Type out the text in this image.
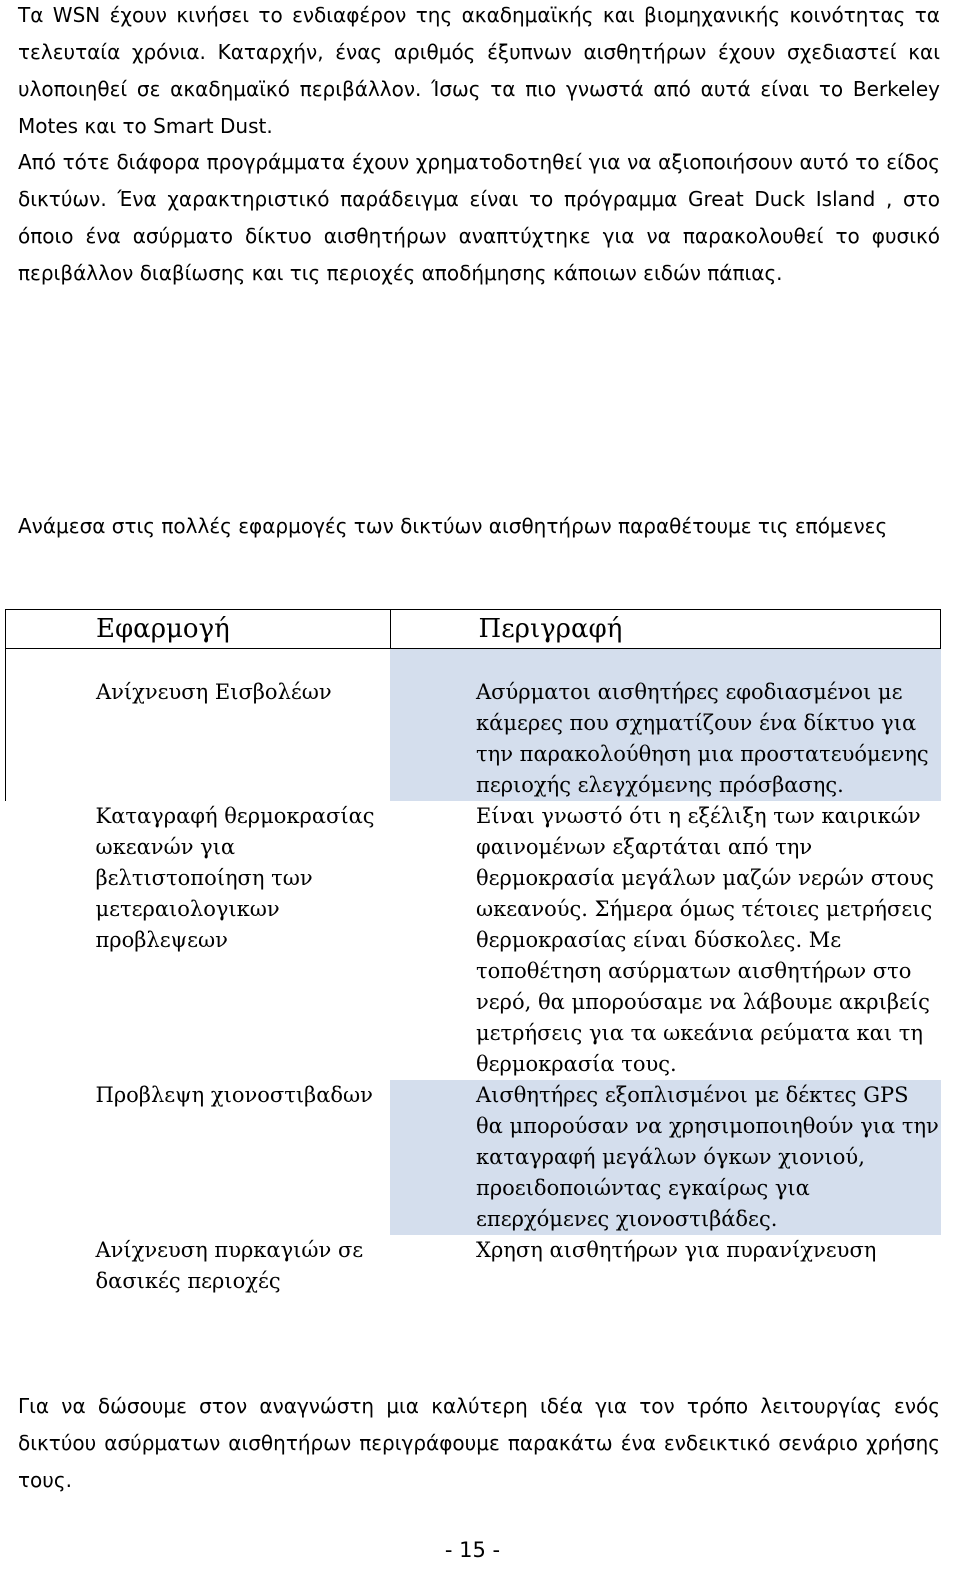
Τα WSN έχουν κινήσει το ενδιαφέρον της ακαδημαϊκής και βιομηχανικής κοινότητας τα τελευταία χρόνια. Καταρχήν, ένας αριθμός έξυπνων αισθητήρων έχουν σχεδιαστεί και υλοποιηθεί σε ακαδημαϊκό περιβάλλον. Ίσως τα πιο γνωστά από αυτά είναι το Berkeley Motes και το Smart Dust.

Από τότε διάφορα προγράμματα έχουν χρηματοδοτηθεί για να αξιοποιήσουν αυτό το είδος δικτύων. Ένα χαρακτηριστικό παράδειγμα είναι το πρόγραμμα Great Duck Island , στο όποιο ένα ασύρματο δίκτυο αισθητήρων αναπτύχτηκε για να παρακολουθεί το φυσικό περιβάλλον διαβίωσης και τις περιοχές αποδήμησης κάποιων ειδών πάπιας.

Ανάμεσα στις πολλές εφαρμογές των δικτύων αισθητήρων παραθέτουμε τις επόμενες

Εφαρμογή	Περιγραφή
Ανίχνευση Εισβολέων	Ασύρματοι αισθητήρες εφοδιασμένοι με κάμερες που σχηματίζουν ένα δίκτυο για την παρακολούθηση μια προστατευόμενης περιοχής ελεγχόμενης πρόσβασης.
Καταγραφή θερμοκρασίας ωκεανών για βελτιστοποίηση των μετεραιολογικων προβλεψεων	Είναι γνωστό ότι η εξέλιξη των καιρικών φαινομένων εξαρτάται από την θερμοκρασία μεγάλων μαζών νερών στους ωκεανούς. Σήμερα όμως τέτοιες μετρήσεις θερμοκρασίας είναι δύσκολες. Με τοποθέτηση ασύρματων αισθητήρων στο νερό, θα μπορούσαμε να λάβουμε ακριβείς μετρήσεις για τα ωκεάνια ρεύματα και τη θερμοκρασία τους.
Προβλεψη χιονοστιβαδων	Αισθητήρες εξοπλισμένοι με δέκτες GPS θα μπορούσαν να χρησιμοποιηθούν για την καταγραφή μεγάλων όγκων χιονιού, προειδοποιώντας εγκαίρως για επερχόμενες χιονοστιβάδες.
Ανίχνευση πυρκαγιών σε δασικές περιοχές	Χρηση αισθητήρων για πυρανίχνευση

Για να δώσουμε στον αναγνώστη μια καλύτερη ιδέα για τον τρόπο λειτουργίας ενός δικτύου ασύρματων αισθητήρων περιγράφουμε παρακάτω ένα ενδεικτικό σενάριο χρήσης τους.

- 15 -
